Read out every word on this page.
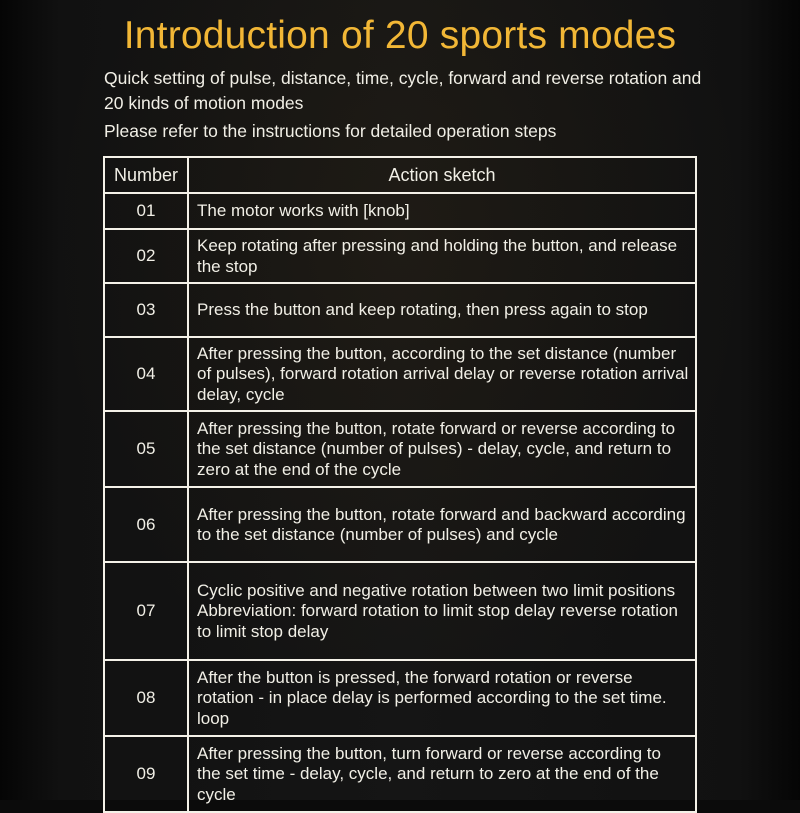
Introduction of 20 sports modes

Quick setting of pulse, distance, time, cycle, forward and reverse rotation and 20 kinds of motion modes

Please refer to the instructions for detailed operation steps

Number	Action sketch
01	The motor works with [knob]
02	Keep rotating after pressing and holding the button, and release the stop
03	Press the button and keep rotating, then press again to stop
04	After pressing the button, according to the set distance (number of pulses), forward rotation arrival delay or reverse rotation arrival delay, cycle
05	After pressing the button, rotate forward or reverse according to the set distance (number of pulses) - delay, cycle, and return to zero at the end of the cycle
06	After pressing the button, rotate forward and backward according to the set distance (number of pulses) and cycle
07	Cyclic positive and negative rotation between two limit positions
Abbreviation: forward rotation to limit stop delay reverse rotation to limit stop delay

08	After the button is pressed, the forward rotation or reverse rotation - in place delay is performed according to the set time. loop
09	After pressing the button, turn forward or reverse according to the set time - delay, cycle, and return to zero at the end of the cycle
